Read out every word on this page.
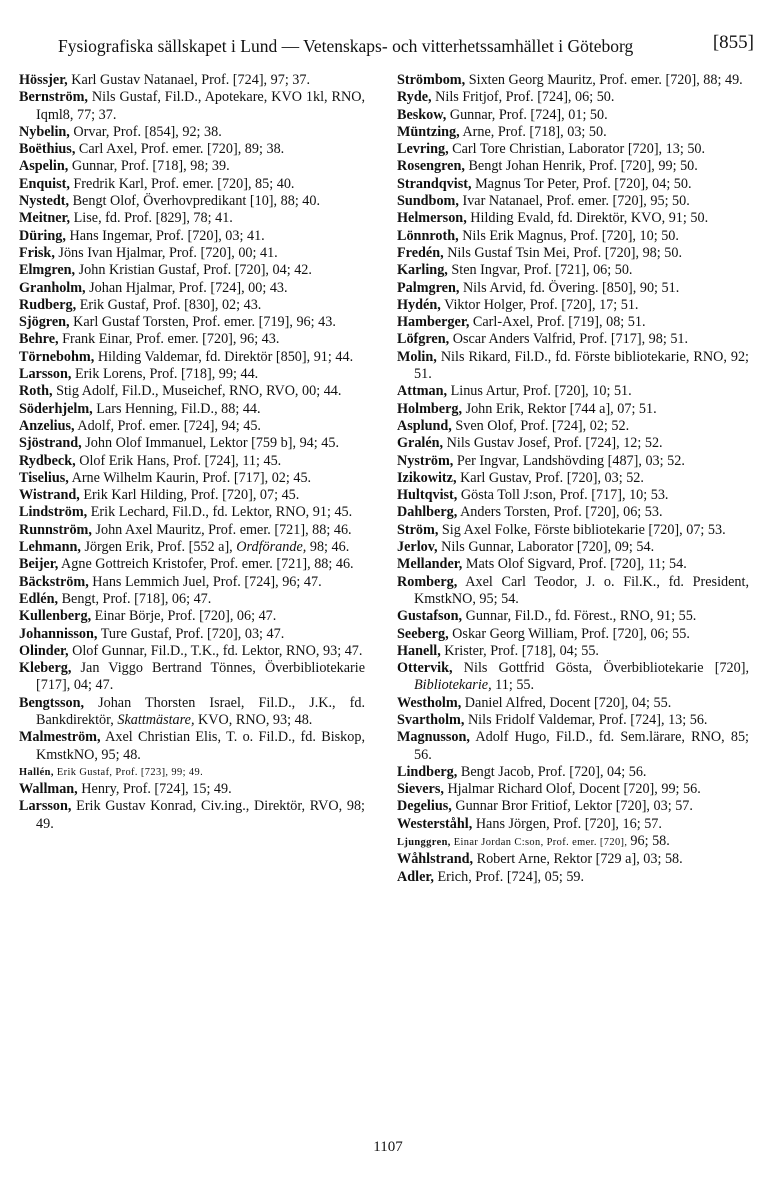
Fysiografiska sällskapet i Lund — Vetenskaps- och vitterhetssamhället i Göteborg	[855]

Hössjer, Karl Gustav Natanael, Prof. [724], 97; 37.

Bernström, Nils Gustaf, Fil.D., Apotekare, KVO 1kl, RNO, Iqml8, 77; 37.

Nybelin, Orvar, Prof. [854], 92; 38.

Boëthius, Carl Axel, Prof. emer. [720], 89; 38.

Aspelin, Gunnar, Prof. [718], 98; 39.

Enquist, Fredrik Karl, Prof. emer. [720], 85; 40.

Nystedt, Bengt Olof, Överhovpredikant [10], 88; 40.

Meitner, Lise, fd. Prof. [829], 78; 41.

Düring, Hans Ingemar, Prof. [720], 03; 41.

Frisk, Jöns Ivan Hjalmar, Prof. [720], 00; 41.

Elmgren, John Kristian Gustaf, Prof. [720], 04; 42.

Granholm, Johan Hjalmar, Prof. [724], 00; 43.

Rudberg, Erik Gustaf, Prof. [830], 02; 43.

Sjögren, Karl Gustaf Torsten, Prof. emer. [719], 96; 43.

Behre, Frank Einar, Prof. emer. [720], 96; 43.

Törnebohm, Hilding Valdemar, fd. Direktör [850], 91; 44.

Larsson, Erik Lorens, Prof. [718], 99; 44.

Roth, Stig Adolf, Fil.D., Museichef, RNO, RVO, 00; 44.

Söderhjelm, Lars Henning, Fil.D., 88; 44.

Anzelius, Adolf, Prof. emer. [724], 94; 45.

Sjöstrand, John Olof Immanuel, Lektor [759 b], 94; 45.

Rydbeck, Olof Erik Hans, Prof. [724], 11; 45.

Tiselius, Arne Wilhelm Kaurin, Prof. [717], 02; 45.

Wistrand, Erik Karl Hilding, Prof. [720], 07; 45.

Lindström, Erik Lechard, Fil.D., fd. Lektor, RNO, 91; 45.

Runnström, John Axel Mauritz, Prof. emer. [721], 88; 46.

Lehmann, Jörgen Erik, Prof. [552 a], Ordförande, 98; 46.

Beijer, Agne Gottreich Kristofer, Prof. emer. [721], 88; 46.

Bäckström, Hans Lemmich Juel, Prof. [724], 96; 47.

Edlén, Bengt, Prof. [718], 06; 47.

Kullenberg, Einar Börje, Prof. [720], 06; 47.

Johannisson, Ture Gustaf, Prof. [720], 03; 47.

Olinder, Olof Gunnar, Fil.D., T.K., fd. Lektor, RNO, 93; 47.

Kleberg, Jan Viggo Bertrand Tönnes, Överbibliotekarie [717], 04; 47.

Bengtsson, Johan Thorsten Israel, Fil.D., J.K., fd. Bankdirektör, Skattmästare, KVO, RNO, 93; 48.

Malmeström, Axel Christian Elis, T. o. Fil.D., fd. Biskop, KmstkNO, 95; 48.

Hallén, Erik Gustaf, Prof. [723], 99; 49.

Wallman, Henry, Prof. [724], 15; 49.

Larsson, Erik Gustav Konrad, Civ.ing., Direktör, RVO, 98; 49.

Strömbom, Sixten Georg Mauritz, Prof. emer. [720], 88; 49.

Ryde, Nils Fritjof, Prof. [724], 06; 50.

Beskow, Gunnar, Prof. [724], 01; 50.

Müntzing, Arne, Prof. [718], 03; 50.

Levring, Carl Tore Christian, Laborator [720], 13; 50.

Rosengren, Bengt Johan Henrik, Prof. [720], 99; 50.

Strandqvist, Magnus Tor Peter, Prof. [720], 04; 50.

Sundbom, Ivar Natanael, Prof. emer. [720], 95; 50.

Helmerson, Hilding Evald, fd. Direktör, KVO, 91; 50.

Lönnroth, Nils Erik Magnus, Prof. [720], 10; 50.

Fredén, Nils Gustaf Tsin Mei, Prof. [720], 98; 50.

Karling, Sten Ingvar, Prof. [721], 06; 50.

Palmgren, Nils Arvid, fd. Övering. [850], 90; 51.

Hydén, Viktor Holger, Prof. [720], 17; 51.

Hamberger, Carl-Axel, Prof. [719], 08; 51.

Löfgren, Oscar Anders Valfrid, Prof. [717], 98; 51.

Molin, Nils Rikard, Fil.D., fd. Förste bibliotekarie, RNO, 92; 51.

Attman, Linus Artur, Prof. [720], 10; 51.

Holmberg, John Erik, Rektor [744 a], 07; 51.

Asplund, Sven Olof, Prof. [724], 02; 52.

Gralén, Nils Gustav Josef, Prof. [724], 12; 52.

Nyström, Per Ingvar, Landshövding [487], 03; 52.

Izikowitz, Karl Gustav, Prof. [720], 03; 52.

Hultqvist, Gösta Toll J:son, Prof. [717], 10; 53.

Dahlberg, Anders Torsten, Prof. [720], 06; 53.

Ström, Sig Axel Folke, Förste bibliotekarie [720], 07; 53.

Jerlov, Nils Gunnar, Laborator [720], 09; 54.

Mellander, Mats Olof Sigvard, Prof. [720], 11; 54.

Romberg, Axel Carl Teodor, J. o. Fil.K., fd. President, KmstkNO, 95; 54.

Gustafson, Gunnar, Fil.D., fd. Förest., RNO, 91; 55.

Seeberg, Oskar Georg William, Prof. [720], 06; 55.

Hanell, Krister, Prof. [718], 04; 55.

Ottervik, Nils Gottfrid Gösta, Överbibliotekarie [720], Bibliotekarie, 11; 55.

Westholm, Daniel Alfred, Docent [720], 04; 55.

Svartholm, Nils Fridolf Valdemar, Prof. [724], 13; 56.

Magnusson, Adolf Hugo, Fil.D., fd. Sem.lärare, RNO, 85; 56.

Lindberg, Bengt Jacob, Prof. [720], 04; 56.

Sievers, Hjalmar Richard Olof, Docent [720], 99; 56.

Degelius, Gunnar Bror Fritiof, Lektor [720], 03; 57.

Westerståhl, Hans Jörgen, Prof. [720], 16; 57.

Ljunggren, Einar Jordan C:son, Prof. emer. [720], 96; 58.

Wåhlstrand, Robert Arne, Rektor [729 a], 03; 58.

Adler, Erich, Prof. [724], 05; 59.

1107
